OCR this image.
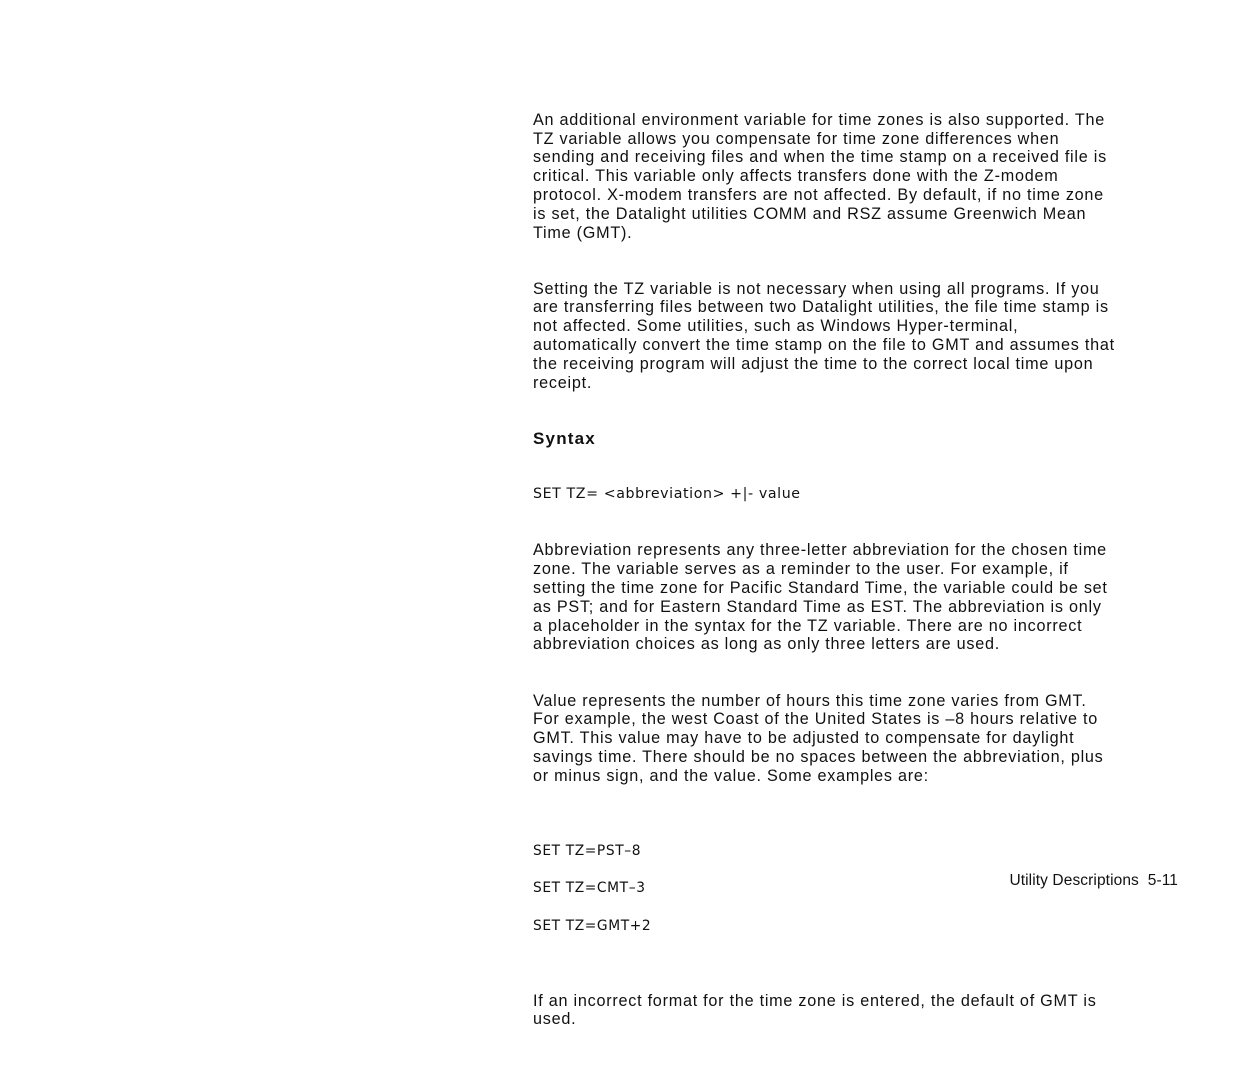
An additional environment variable for time zones is also supported. The
TZ variable allows you compensate for time zone differences when
sending and receiving files and when the time stamp on a received file is
critical. This variable only affects transfers done with the Z-modem
protocol. X-modem transfers are not affected. By default, if no time zone
is set, the Datalight utilities COMM and RSZ assume Greenwich Mean
Time (GMT).

Setting the TZ variable is not necessary when using all programs. If you
are transferring files between two Datalight utilities, the file time stamp is
not affected. Some utilities, such as Windows Hyper-terminal,
automatically convert the time stamp on the file to GMT and assumes that
the receiving program will adjust the time to the correct local time upon
receipt.

Syntax

SET TZ= <abbreviation> +|- value

Abbreviation represents any three-letter abbreviation for the chosen time
zone. The variable serves as a reminder to the user. For example, if
setting the time zone for Pacific Standard Time, the variable could be set
as PST; and for Eastern Standard Time as EST. The abbreviation is only
a placeholder in the syntax for the TZ variable. There are no incorrect
abbreviation choices as long as only three letters are used.

Value represents the number of hours this time zone varies from GMT.
For example, the west Coast of the United States is –8 hours relative to
GMT. This value may have to be adjusted to compensate for daylight
savings time. There should be no spaces between the abbreviation, plus
or minus sign, and the value. Some examples are:

SET TZ=PST–8

SET TZ=CMT–3

SET TZ=GMT+2

If an incorrect format for the time zone is entered, the default of GMT is
used.

Utility Descriptions  5-11
